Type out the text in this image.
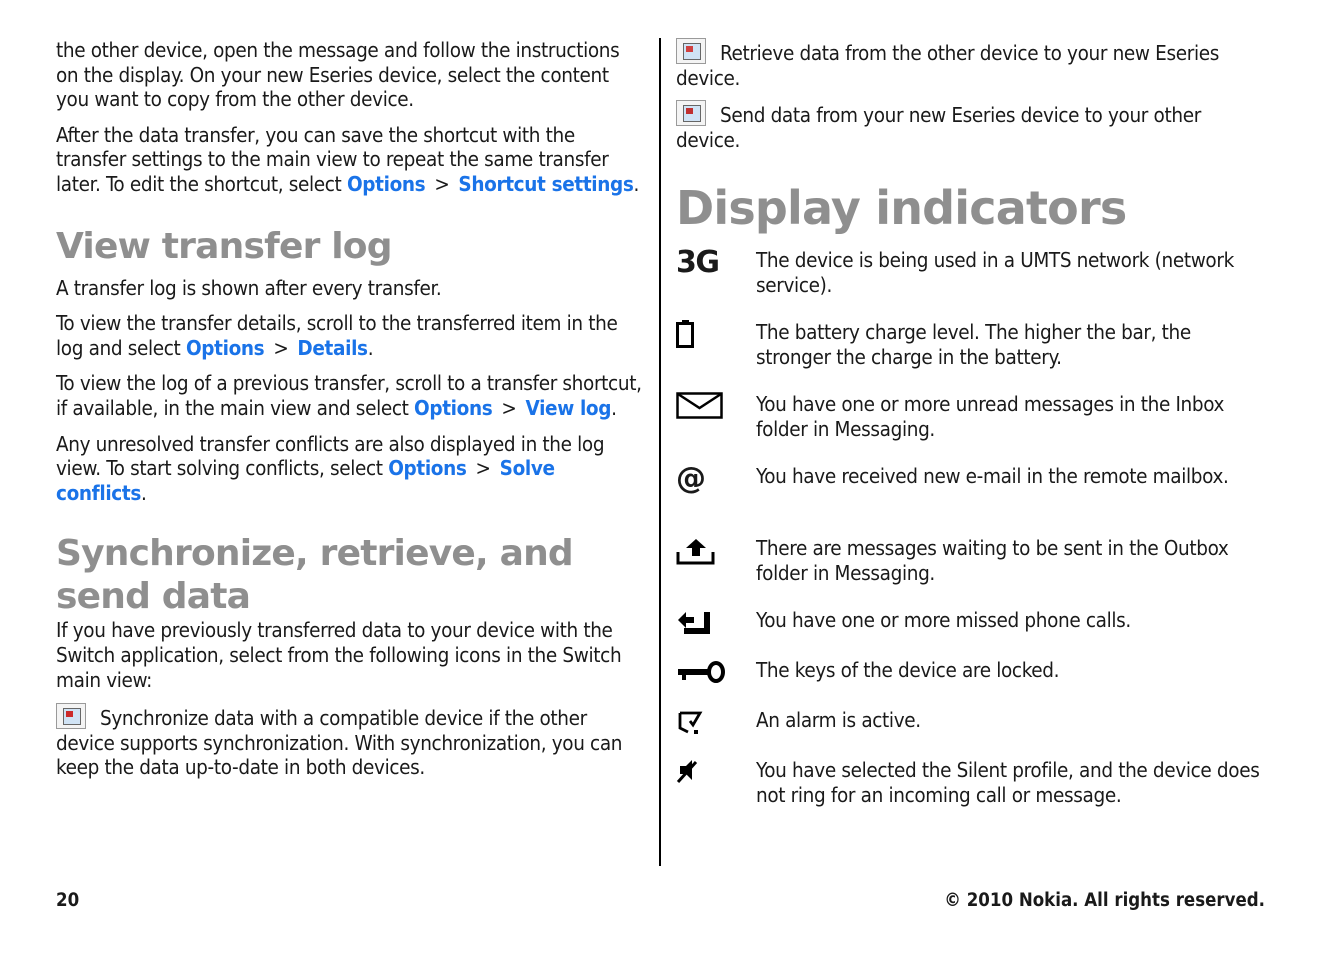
the other device, open the message and follow the instructions on the display. On your new Eseries device, select the content you want to copy from the other device.

After the data transfer, you can save the shortcut with the transfer settings to the main view to repeat the same transfer later. To edit the shortcut, select Options > Shortcut settings.

View transfer log

A transfer log is shown after every transfer.

To view the transfer details, scroll to the transferred item in the log and select Options > Details.

To view the log of a previous transfer, scroll to a transfer shortcut, if available, in the main view and select Options > View log.

Any unresolved transfer conflicts are also displayed in the log view. To start solving conflicts, select Options > Solve conflicts.

Synchronize, retrieve, and send data

If you have previously transferred data to your device with the Switch application, select from the following icons in the Switch main view:

Synchronize data with a compatible device if the other device supports synchronization. With synchronization, you can keep the data up-to-date in both devices.

Retrieve data from the other device to your new Eseries device.

Send data from your new Eseries device to your other device.

Display indicators
3G	The device is being used in a UMTS network (network service).
The battery charge level. The higher the bar, the stronger the charge in the battery.
You have one or more unread messages in the Inbox folder in Messaging.
@	You have received new e-mail in the remote mailbox.
There are messages waiting to be sent in the Outbox folder in Messaging.
You have one or more missed phone calls.
The keys of the device are locked.
An alarm is active.
You have selected the Silent profile, and the device does not ring for an incoming call or message.
20	© 2010 Nokia. All rights reserved.
